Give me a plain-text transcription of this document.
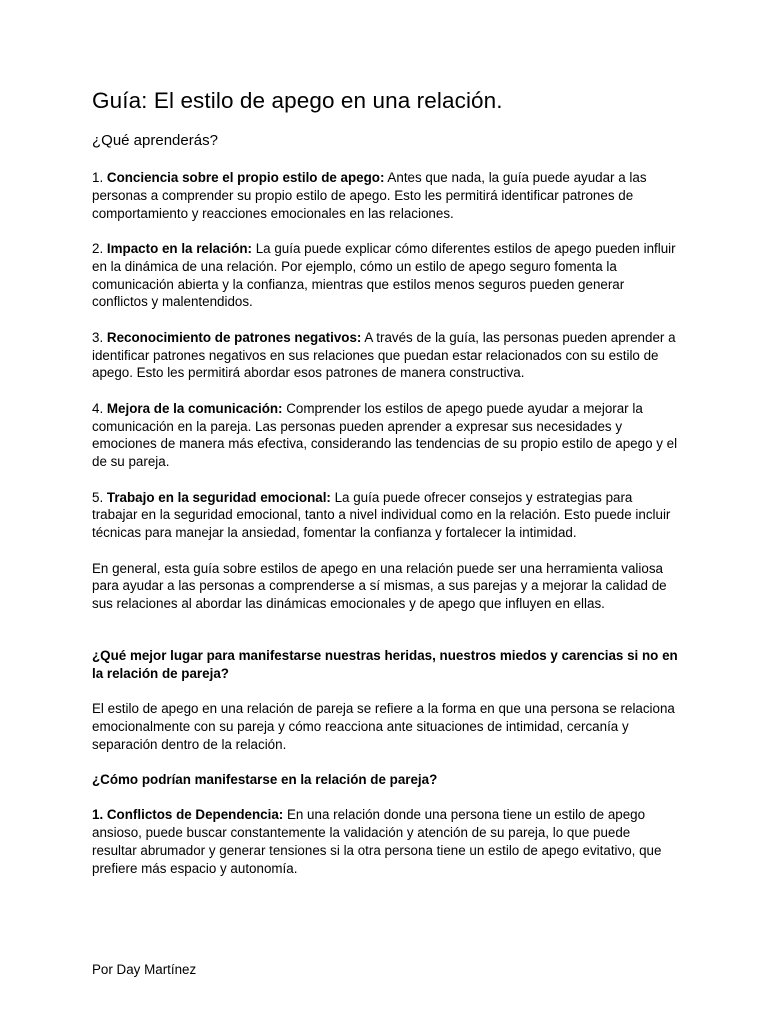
Guía: El estilo de apego en una relación.
¿Qué aprenderás?

1. Conciencia sobre el propio estilo de apego: Antes que nada, la guía puede ayudar a las personas a comprender su propio estilo de apego. Esto les permitirá identificar patrones de comportamiento y reacciones emocionales en las relaciones.

2. Impacto en la relación: La guía puede explicar cómo diferentes estilos de apego pueden influir en la dinámica de una relación. Por ejemplo, cómo un estilo de apego seguro fomenta la comunicación abierta y la confianza, mientras que estilos menos seguros pueden generar conflictos y malentendidos.

3. Reconocimiento de patrones negativos: A través de la guía, las personas pueden aprender a identificar patrones negativos en sus relaciones que puedan estar relacionados con su estilo de apego. Esto les permitirá abordar esos patrones de manera constructiva.

4. Mejora de la comunicación: Comprender los estilos de apego puede ayudar a mejorar la comunicación en la pareja. Las personas pueden aprender a expresar sus necesidades y emociones de manera más efectiva, considerando las tendencias de su propio estilo de apego y el de su pareja.

5. Trabajo en la seguridad emocional: La guía puede ofrecer consejos y estrategias para trabajar en la seguridad emocional, tanto a nivel individual como en la relación. Esto puede incluir técnicas para manejar la ansiedad, fomentar la confianza y fortalecer la intimidad.

En general, esta guía sobre estilos de apego en una relación puede ser una herramienta valiosa para ayudar a las personas a comprenderse a sí mismas, a sus parejas y a mejorar la calidad de sus relaciones al abordar las dinámicas emocionales y de apego que influyen en ellas.

¿Qué mejor lugar para manifestarse nuestras heridas, nuestros miedos y carencias si no en la relación de pareja?

El estilo de apego en una relación de pareja se refiere a la forma en que una persona se relaciona emocionalmente con su pareja y cómo reacciona ante situaciones de intimidad, cercanía y separación dentro de la relación.

¿Cómo podrían manifestarse en la relación de pareja?

1. Conflictos de Dependencia: En una relación donde una persona tiene un estilo de apego ansioso, puede buscar constantemente la validación y atención de su pareja, lo que puede resultar abrumador y generar tensiones si la otra persona tiene un estilo de apego evitativo, que prefiere más espacio y autonomía.

Por Day Martínez
